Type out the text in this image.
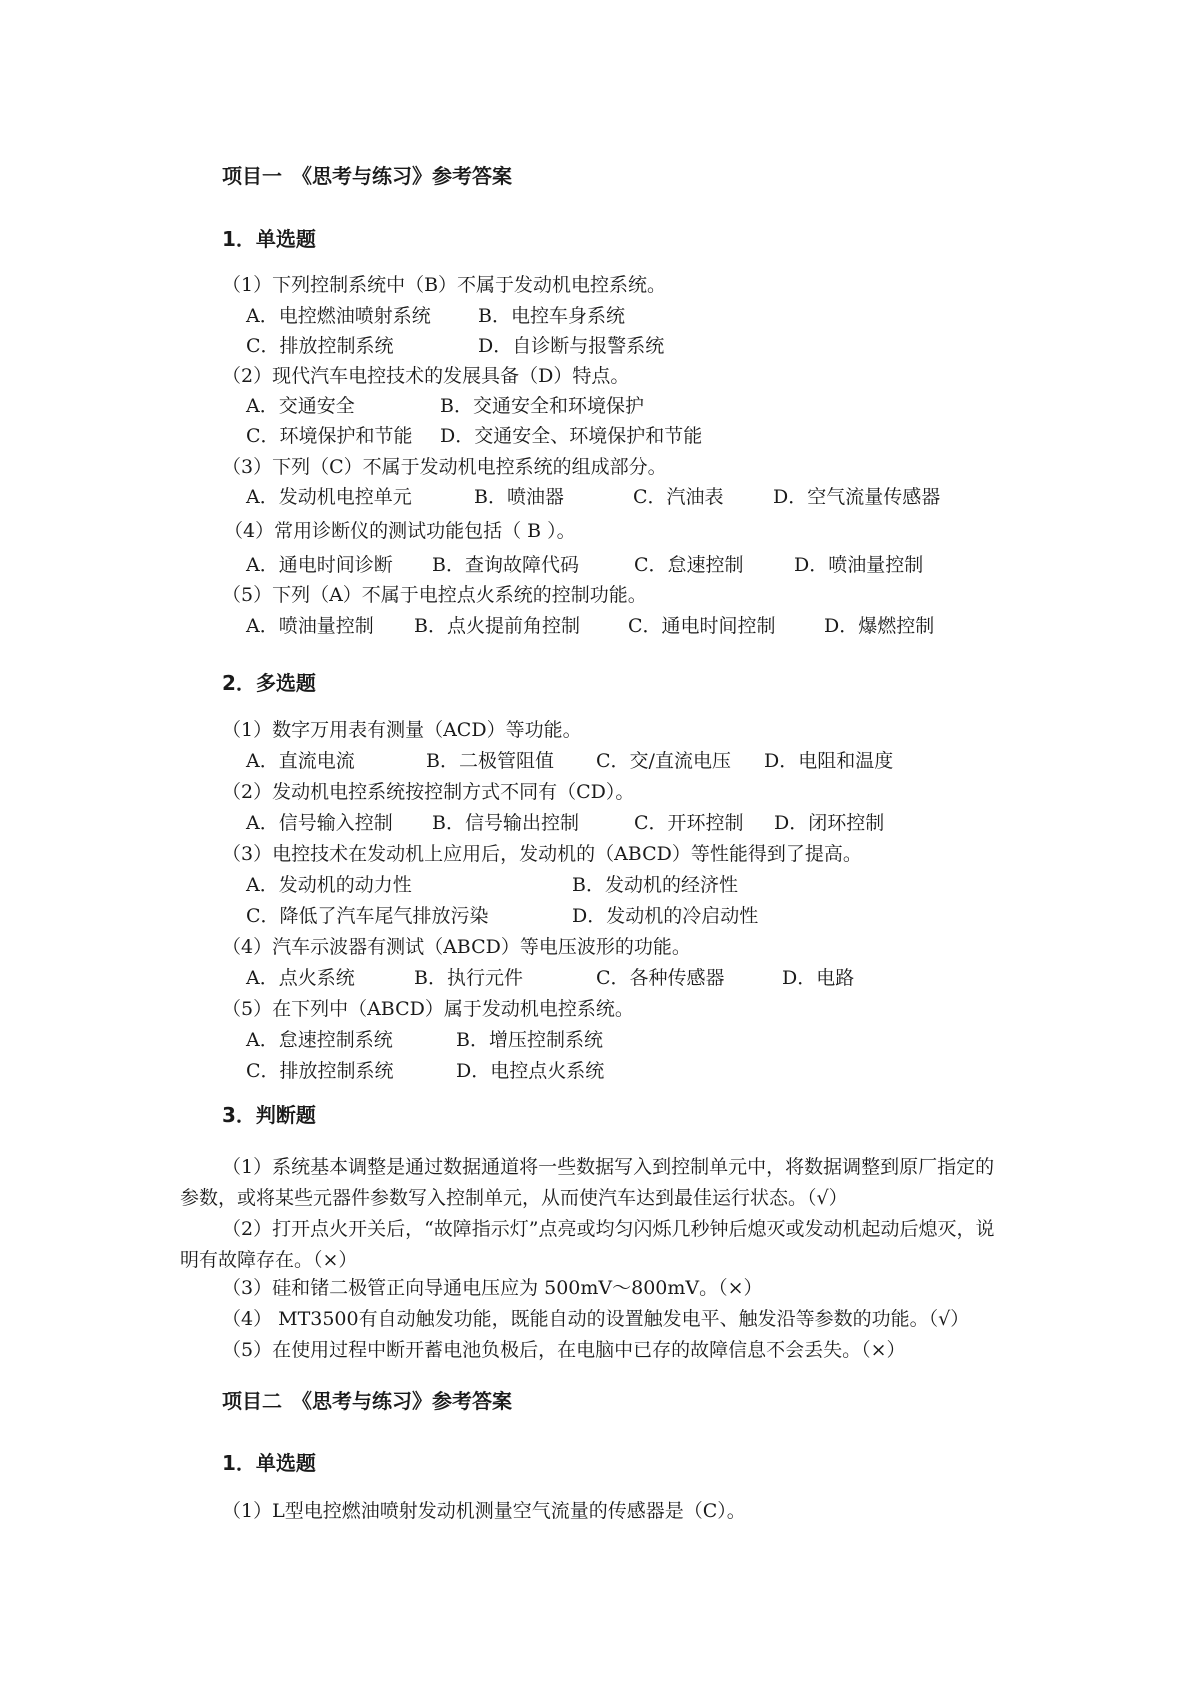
项目一　《思考与练习》参考答案
1．单选题
（1）下列控制系统中（B）不属于发动机电控系统。

A．电控燃油喷射系统

B．电控车身系统

C．排放控制系统

	D．自诊断与报警系统

（2）现代汽车电控技术的发展具备（D）特点。

A．交通安全

	B．交通安全和环境保护

C．环境保护和节能

D．交通安全、环境保护和节能

（3）下列（C）不属于发动机电控系统的组成部分。

A．发动机电控单元

	B．喷油器

	C．汽油表

	D．空气流量传感器

（4）常用诊断仪的测试功能包括（ B ）。

A．通电时间诊断

B．查询故障代码

	C．怠速控制

	D．喷油量控制

（5）下列（A）不属于电控点火系统的控制功能。

A．喷油量控制

B．点火提前角控制

	C．通电时间控制

	D．爆燃控制

2．多选题
（1）数字万用表有测量（ACD）等功能。

A．直流电流

	B．二极管阻值

C．交/直流电压

D．电阻和温度

（2）发动机电控系统按控制方式不同有（CD）。

A．信号输入控制

B．信号输出控制

	C．开环控制

D．闭环控制

（3）电控技术在发动机上应用后，发动机的（ABCD）等性能得到了提高。

A．发动机的动力性

	B．发动机的经济性

C．降低了汽车尾气排放污染

	D．发动机的冷启动性

（4）汽车示波器有测试（ABCD）等电压波形的功能。

A．点火系统

	B．执行元件

	C．各种传感器

	D．电路

（5）在下列中（ABCD）属于发动机电控系统。

A．怠速控制系统

	B．增压控制系统

C．排放控制系统

	D．电控点火系统

3．判断题
（1）系统基本调整是通过数据通道将一些数据写入到控制单元中，将数据调整到原厂指定的参数，或将某些元器件参数写入控制单元，从而使汽车达到最佳运行状态。（√）
（2）打开点火开关后，“故障指示灯”点亮或均匀闪烁几秒钟后熄灭或发动机起动后熄灭，说明有故障存在。（×）
（3）硅和锗二极管正向导通电压应为 500mV～800mV。（×）
（4） MT3500有自动触发功能，既能自动的设置触发电平、触发沿等参数的功能。（√）
（5）在使用过程中断开蓄电池负极后，在电脑中已存的故障信息不会丢失。（×）
项目二　《思考与练习》参考答案
1．单选题
（1）L型电控燃油喷射发动机测量空气流量的传感器是（C）。
